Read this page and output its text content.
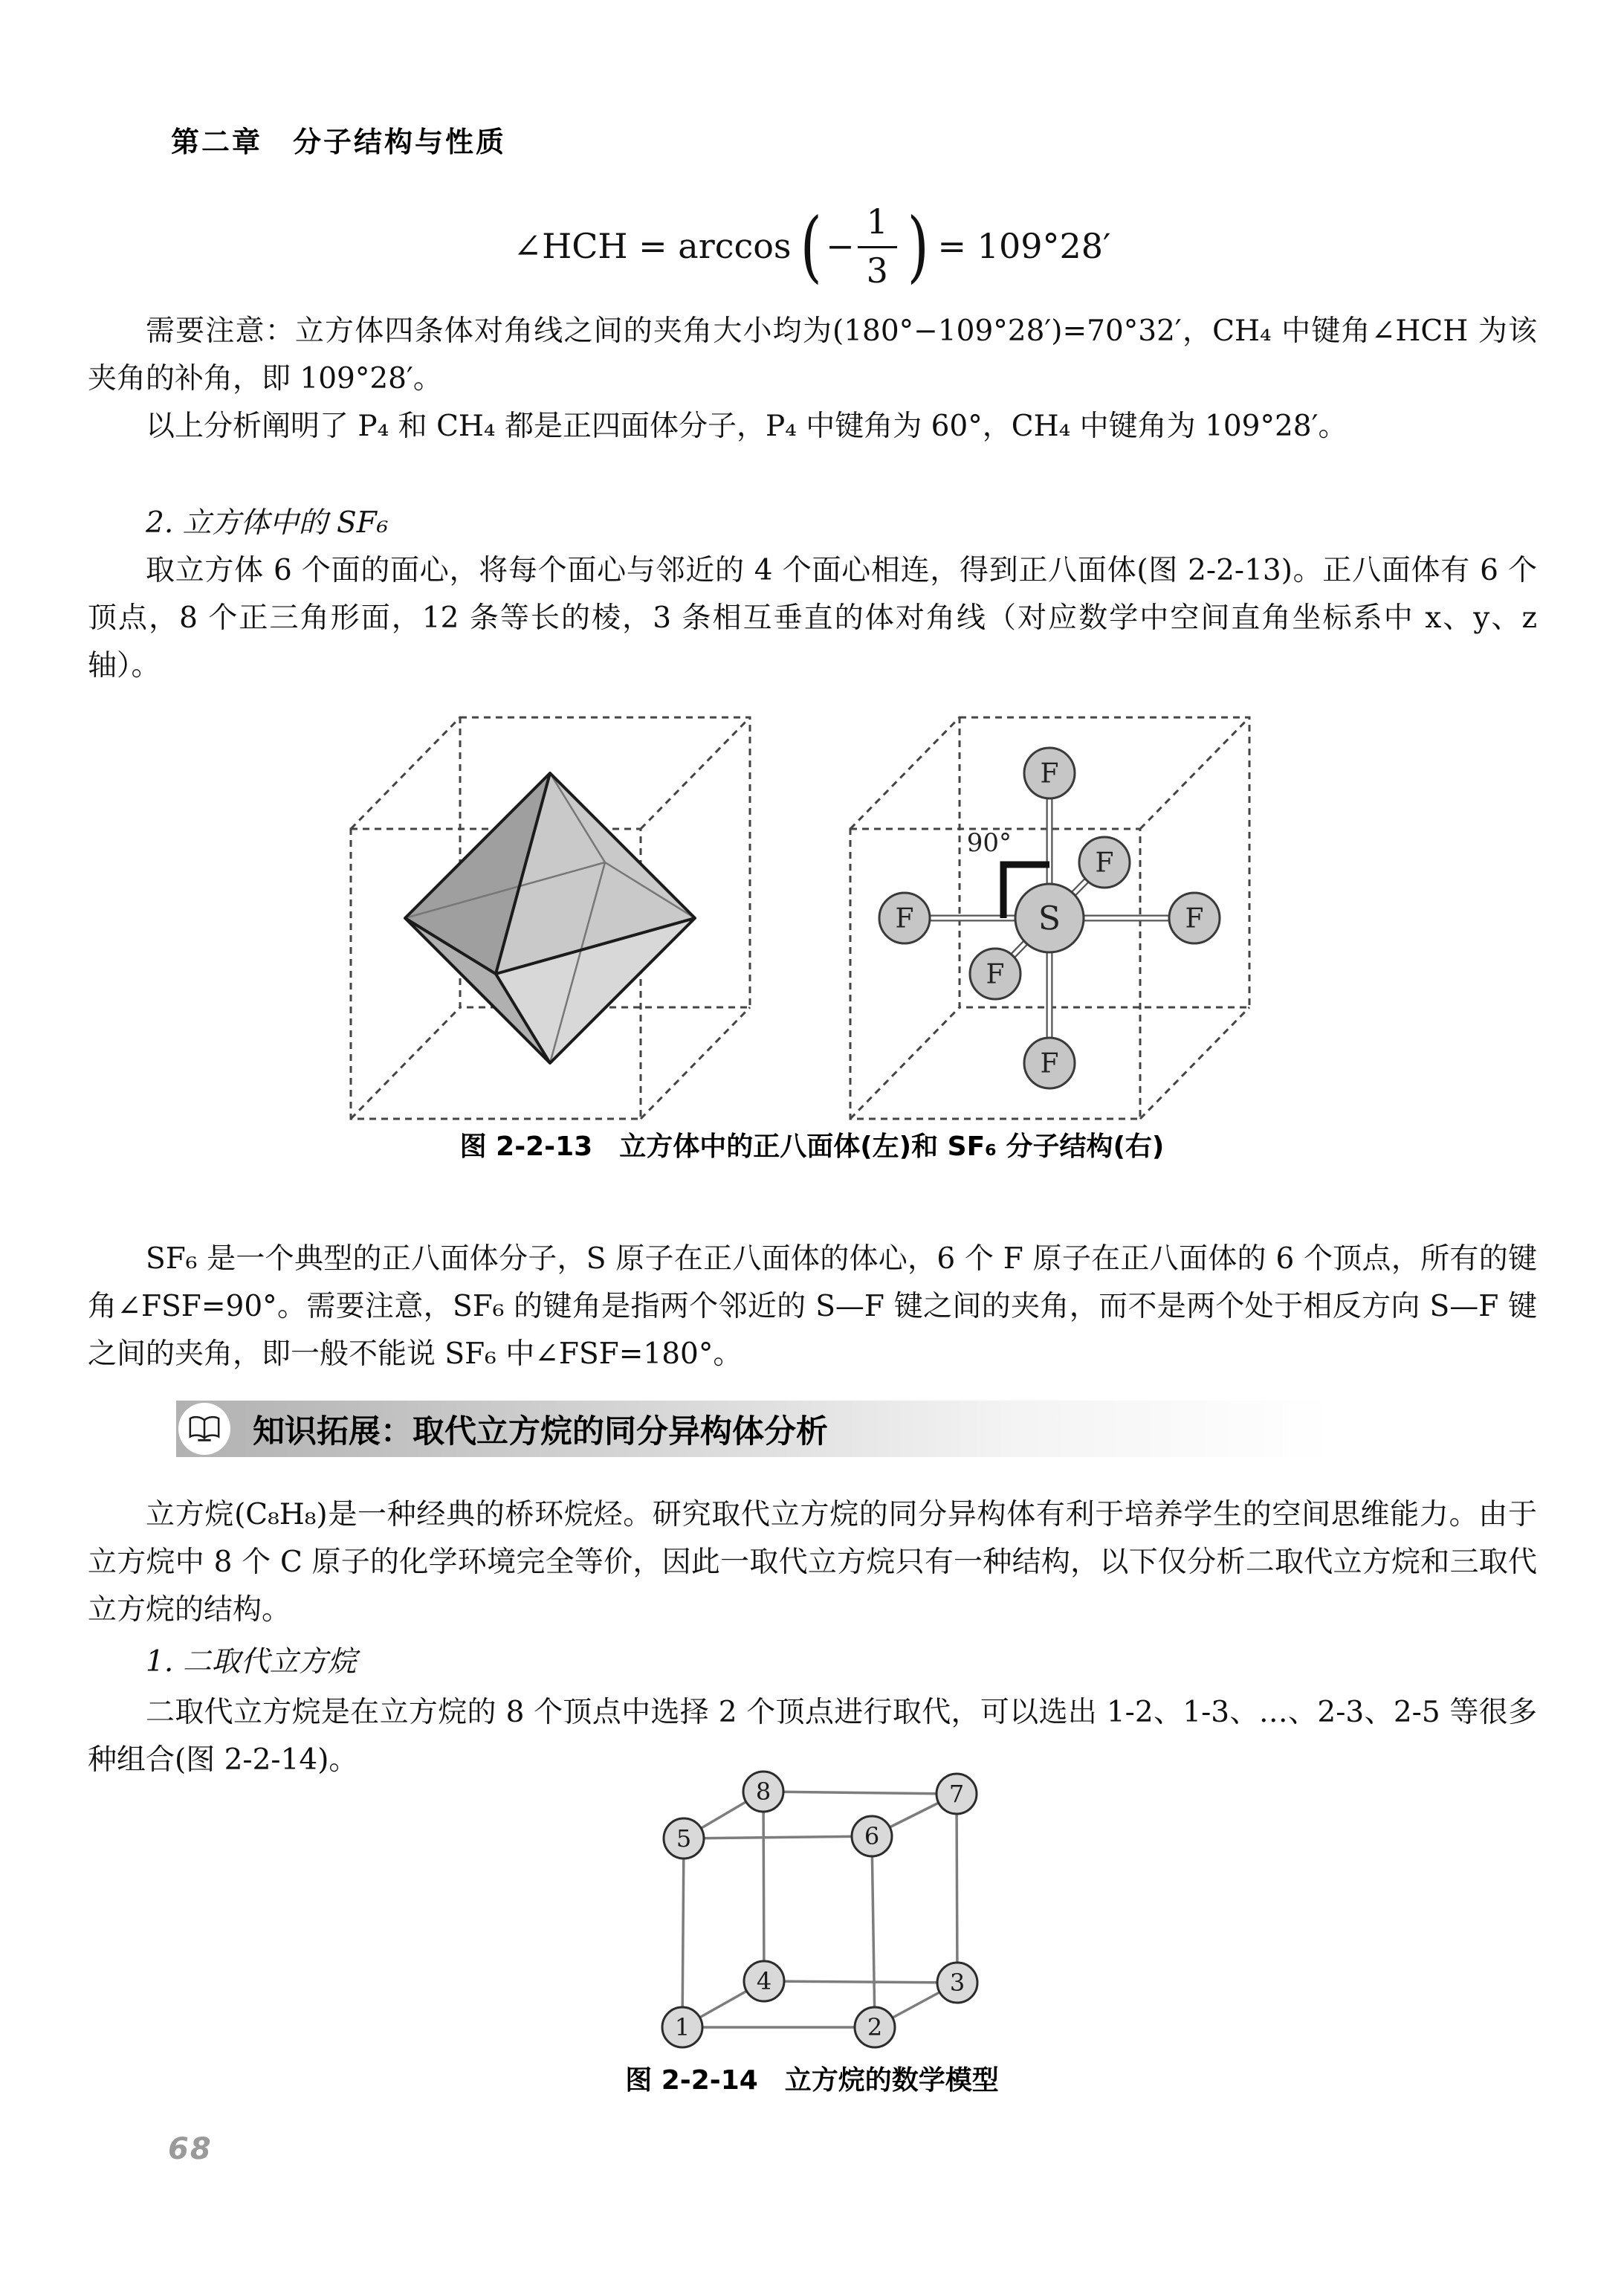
第二章　分子结构与性质
∠HCH = arccos ( − $\frac{1}{3}$ ) = 109°28′
需要注意：立方体四条体对角线之间的夹角大小均为(180°−109°28′)=70°32′，CH₄ 中键角∠HCH 为该夹角的补角，即 109°28′。
以上分析阐明了 P₄ 和 CH₄ 都是正四面体分子，P₄ 中键角为 60°，CH₄ 中键角为 109°28′。
2. 立方体中的 SF₆
取立方体 6 个面的面心，将每个面心与邻近的 4 个面心相连，得到正八面体(图 2-2-13)。正八面体有 6 个顶点，8 个正三角形面，12 条等长的棱，3 条相互垂直的体对角线（对应数学中空间直角坐标系中 x、y、z 轴）。
F
F
F	F
F
F
S
90°
图 2-2-13　立方体中的正八面体(左)和 SF₆ 分子结构(右)
SF₆ 是一个典型的正八面体分子，S 原子在正八面体的体心，6 个 F 原子在正八面体的 6 个顶点，所有的键角∠FSF=90°。需要注意，SF₆ 的键角是指两个邻近的 S—F 键之间的夹角，而不是两个处于相反方向 S—F 键之间的夹角，即一般不能说 SF₆ 中∠FSF=180°。
知识拓展：取代立方烷的同分异构体分析
立方烷(C₈H₈)是一种经典的桥环烷烃。研究取代立方烷的同分异构体有利于培养学生的空间思维能力。由于立方烷中 8 个 C 原子的化学环境完全等价，因此一取代立方烷只有一种结构，以下仅分析二取代立方烷和三取代立方烷的结构。
1. 二取代立方烷
二取代立方烷是在立方烷的 8 个顶点中选择 2 个顶点进行取代，可以选出 1-2、1-3、…、2-3、2-5 等很多种组合(图 2-2-14)。
1	2
3
4
5	6
7
8
图 2-2-14　立方烷的数学模型
68
